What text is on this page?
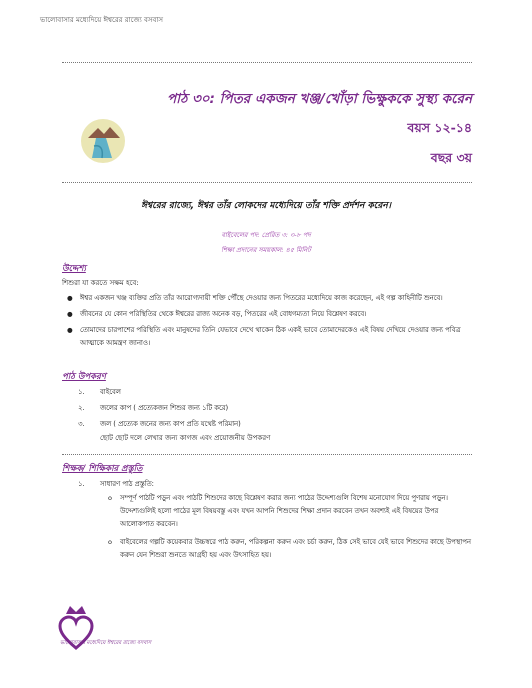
ভালোবাসার মধ্যেদিয়ে ঈশ্বরের রাজ্যে বসবাস
পাঠ ৩০: পিতর একজন খঞ্জ/খোঁড়া ভিক্ষুককে সুস্থ্য করেন
বয়স ১২-১৪
বছর ৩য়
ঈশ্বরের রাজ্যে, ঈশ্বর তাঁর লোকদের মধ্যেদিয়ে তাঁর শক্তি প্রর্দশন করেন।
বাইবেলের পদ: প্রেরিত ৩: ৩-৮ পদ
শিক্ষা প্রদানের সময়কাল: ৪৫ মিনিট
উদ্দেশ্য
শিশুরা যা করতে সক্ষম হবে:
● ঈশ্বর একজন খঞ্জ ব্যক্তির প্রতি তাঁর আরোগ্যদায়ী শক্তি পৌঁছে দেওয়ার জন্য পিতরের মধ্যেদিয়ে কাজ করেছেন, এই গল্প কাহিনীটি শুনবে।
● জীবনের যে কোন পরিস্থিতির থেকে ঈশ্বরের রাজ্য অনেক বড়, পিতরের এই বোধগম্যতা নিয়ে বিশ্লেষণ করবে।
● তোমাদের চারপাশের পরিস্থিতি এবং মানুষদের তিনি যেভাবে দেখে থাকেন ঠিক একই ভাবে তোমাদেরকেও এই বিষয় দেখিয়ে দেওয়ার জন্য পবিত্র আত্মাকে আমন্ত্রণ জানাও।
পাঠ উপকরণ
১.	বাইবেল
২.	জলের কাপ ( প্রত্যেকজন শিশুর জন্য ১টি করে)
৩.	জল ( প্রত্যেক জনের জন্য কাপ প্রতি যথেষ্ট পরিমান)
ছোট ছোট দলে লেখার জন্য কাগজ এবং প্রয়োজনীয় উপকরণ
শিক্ষক/ শিক্ষিকার প্রস্তুতি
১. সাধারণ পাঠ প্রস্তুতি:
o সম্পূর্ণ পাঠটি পড়ুন এবং পাঠটি শিশুদের কাছে বিশ্লেষণ করার জন্য পাঠের উদ্দেশ্যগুলি বিশেষ মনোযোগ দিয়ে পুণরায় পড়ুন। উদ্দেশ্যগুলিই হলো পাঠের মূল বিষয়বস্তু এবং যখন আপনি শিশুদের শিক্ষা প্রদান করবেন তখন অবশ্যই এই বিষয়ের উপর আলোকপাত করবেন।
o বাইবেলের গল্পটি কয়েকবার উচ্চস্বরে পাঠ করুন, পরিকল্পনা করুন এবং চর্চা করুন, ঠিক সেই ভাবে যেই ভাবে শিশুদের কাছে উপস্থাপন করুন যেন শিশুরা শুনতে আগ্রহী হয় এবং উৎসাহিত হয়।
ভালোবাসার মধ্যেদিয়ে ঈশ্বরের রাজ্যে বসবাস
